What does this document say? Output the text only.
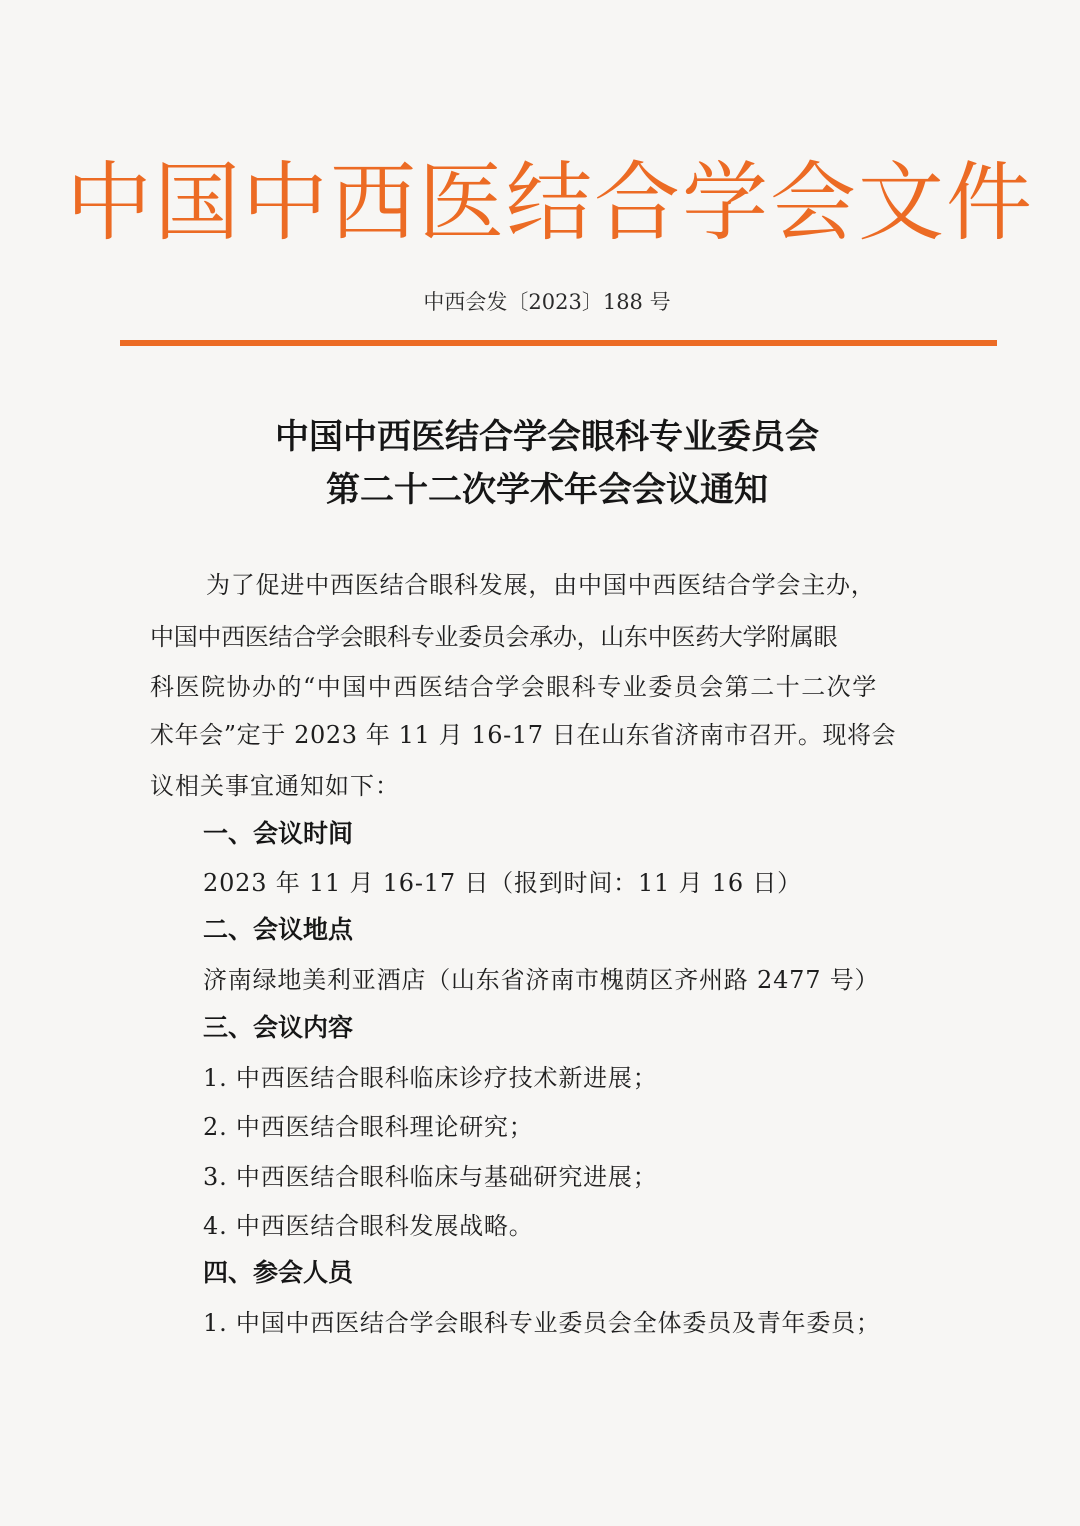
中国中西医结合学会文件
中西会发〔2023〕188 号
中国中西医结合学会眼科专业委员会
第二十二次学术年会会议通知
为了促进中西医结合眼科发展，由中国中西医结合学会主办，
中国中西医结合学会眼科专业委员会承办，山东中医药大学附属眼
科医院协办的“中国中西医结合学会眼科专业委员会第二十二次学
术年会”定于 2023 年 11 月 16-17 日在山东省济南市召开。现将会
议相关事宜通知如下：
一、会议时间
2023 年 11 月 16-17 日（报到时间：11 月 16 日）
二、会议地点
济南绿地美利亚酒店（山东省济南市槐荫区齐州路 2477 号）
三、会议内容
1. 中西医结合眼科临床诊疗技术新进展；
2. 中西医结合眼科理论研究；
3. 中西医结合眼科临床与基础研究进展；
4. 中西医结合眼科发展战略。
四、参会人员
1. 中国中西医结合学会眼科专业委员会全体委员及青年委员；
